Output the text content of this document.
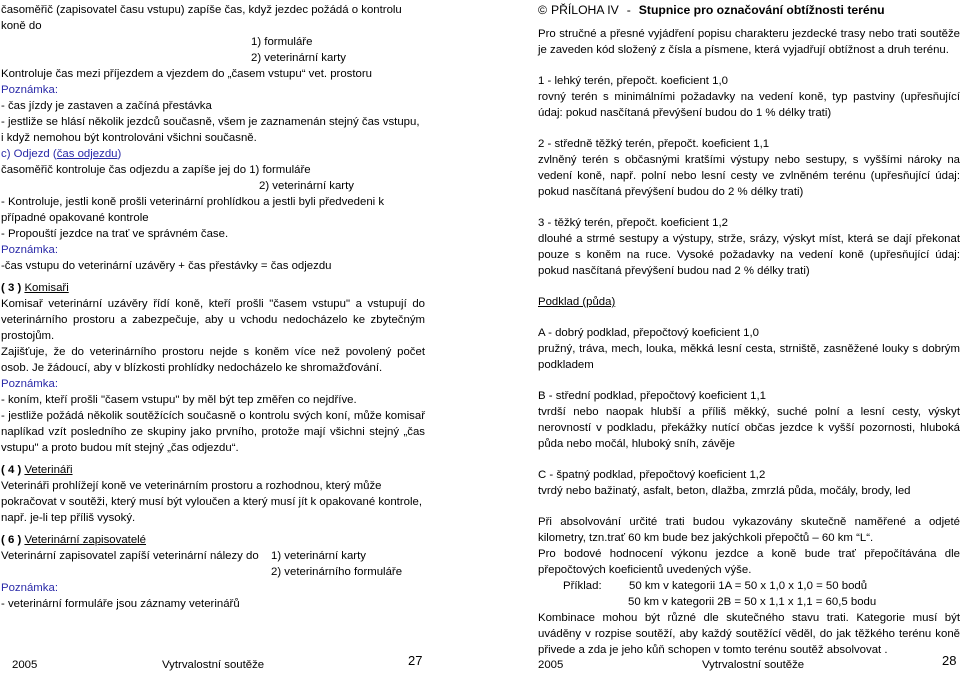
časoměřič (zapisovatel času vstupu) zapíše čas, když jezdec požádá o kontrolu koně do

1) formuláře

2) veterinární karty

Kontroluje čas mezi příjezdem a vjezdem do „časem vstupu“ vet. prostoru

Poznámka:

- čas jízdy je zastaven a začíná přestávka

- jestliže se hlásí několik jezdců současně, všem je zaznamenán stejný čas vstupu, i když nemohou být kontrolováni všichni současně.

c) Odjezd (čas odjezdu)

časoměřič kontroluje čas odjezdu a zapíše jej do 1) formuláře

2) veterinární karty

- Kontroluje, jestli koně prošli veterinární prohlídkou a jestli byli předvedeni k případné opakované kontrole

- Propouští jezdce na trať ve správném čase.

Poznámka:

-čas vstupu do veterinární uzávěry + čas přestávky = čas odjezdu

( 3 ) Komisaři

Komisař veterinární uzávěry řídí koně, kteří prošli "časem vstupu" a vstupují do veterinárního prostoru a zabezpečuje, aby u vchodu nedocházelo ke zbytečným prostojům.

Zajišťuje, že do veterinárního prostoru nejde s koněm více než povolený počet osob. Je žádoucí, aby v blízkosti prohlídky nedocházelo ke shromažďování.

Poznámka:

- koním, kteří prošli "časem vstupu" by měl být tep změřen co nejdříve.

- jestliže požádá několik soutěžících současně o kontrolu svých koní, může komisař naplíkad vzít posledního ze skupiny jako prvního, protože mají všichni stejný „čas vstupu" a proto budou mít stejný „čas odjezdu“.

( 4 ) Veterináři

Veterináři prohlížejí koně ve veterinárním prostoru a rozhodnou, který může pokračovat v soutěži, který musí být vyloučen a který musí jít k opakované kontrole, např. je-li tep příliš vysoký.

( 6 ) Veterinární zapisovatelé

Veterinární zapisovatel zapíší veterinární nálezy do	1) veterinární karty

2) veterinárního formuláře

Poznámka:

- veterinární formuláře jsou záznamy veterinářů

2005	Vytrvalostní soutěže	27
© PŘÍLOHA IV - Stupnice pro označování obtížnosti terénu

Pro stručné a přesné vyjádření popisu charakteru jezdecké trasy nebo trati soutěže je zaveden kód složený z čísla a písmene, která vyjadřují obtížnost a druh terénu.

1 - lehký terén, přepočt. koeficient 1,0

rovný terén s minimálními požadavky na vedení koně, typ pastviny (upřesňující údaj: pokud nasčítaná převýšení budou do 1 % délky trati)

2 - středně těžký terén, přepočt. koeficient 1,1

zvlněný terén s občasnými kratšími výstupy nebo sestupy, s vyššími nároky na vedení koně, např. polní nebo lesní cesty ve zvlněném terénu (upřesňující údaj: pokud nasčítaná převýšení budou do 2 % délky trati)

3 - těžký terén, přepočt. koeficient 1,2

dlouhé a strmé sestupy a výstupy, strže, srázy, výskyt míst, která se dají překonat pouze s koněm na ruce. Vysoké požadavky na vedení koně (upřesňující údaj: pokud nasčítaná převýšení budou nad 2 % délky trati)

Podklad (půda)

A - dobrý podklad, přepočtový koeficient 1,0

pružný, tráva, mech, louka, měkká lesní cesta, strniště, zasněžené louky s dobrým podkladem

B - střední podklad, přepočtový koeficient 1,1

tvrdší nebo naopak hlubší a příliš měkký, suché polní a lesní cesty, výskyt nerovností v podkladu, překážky nutící občas jezdce k vyšší pozornosti, hluboká půda nebo močál, hluboký sníh, závěje

C - špatný podklad, přepočtový koeficient 1,2

tvrdý nebo bažinatý, asfalt, beton, dlažba, zmrzlá půda, močály, brody, led

Při absolvování určité trati budou vykazovány skutečně naměřené a odjeté kilometry, tzn.trať 60 km bude bez jakýchkoli přepočtů – 60 km “L“.

Pro bodové hodnocení výkonu jezdce a koně bude trať přepočítávána dle přepočtových koeficientů uvedených výše.

Příklad: 50 km v kategorii 1A = 50 x 1,0 x 1,0 = 50 bodů

50 km v kategorii 2B = 50 x 1,1 x 1,1 = 60,5 bodu

Kombinace mohou být různé dle skutečného stavu trati. Kategorie musí být uváděny v rozpise soutěží, aby každý soutěžící věděl, do jak těžkého terénu koně přivede a zda je jeho kůň schopen v tomto terénu soutěž absolvovat .

2005	Vytrvalostní soutěže	28
